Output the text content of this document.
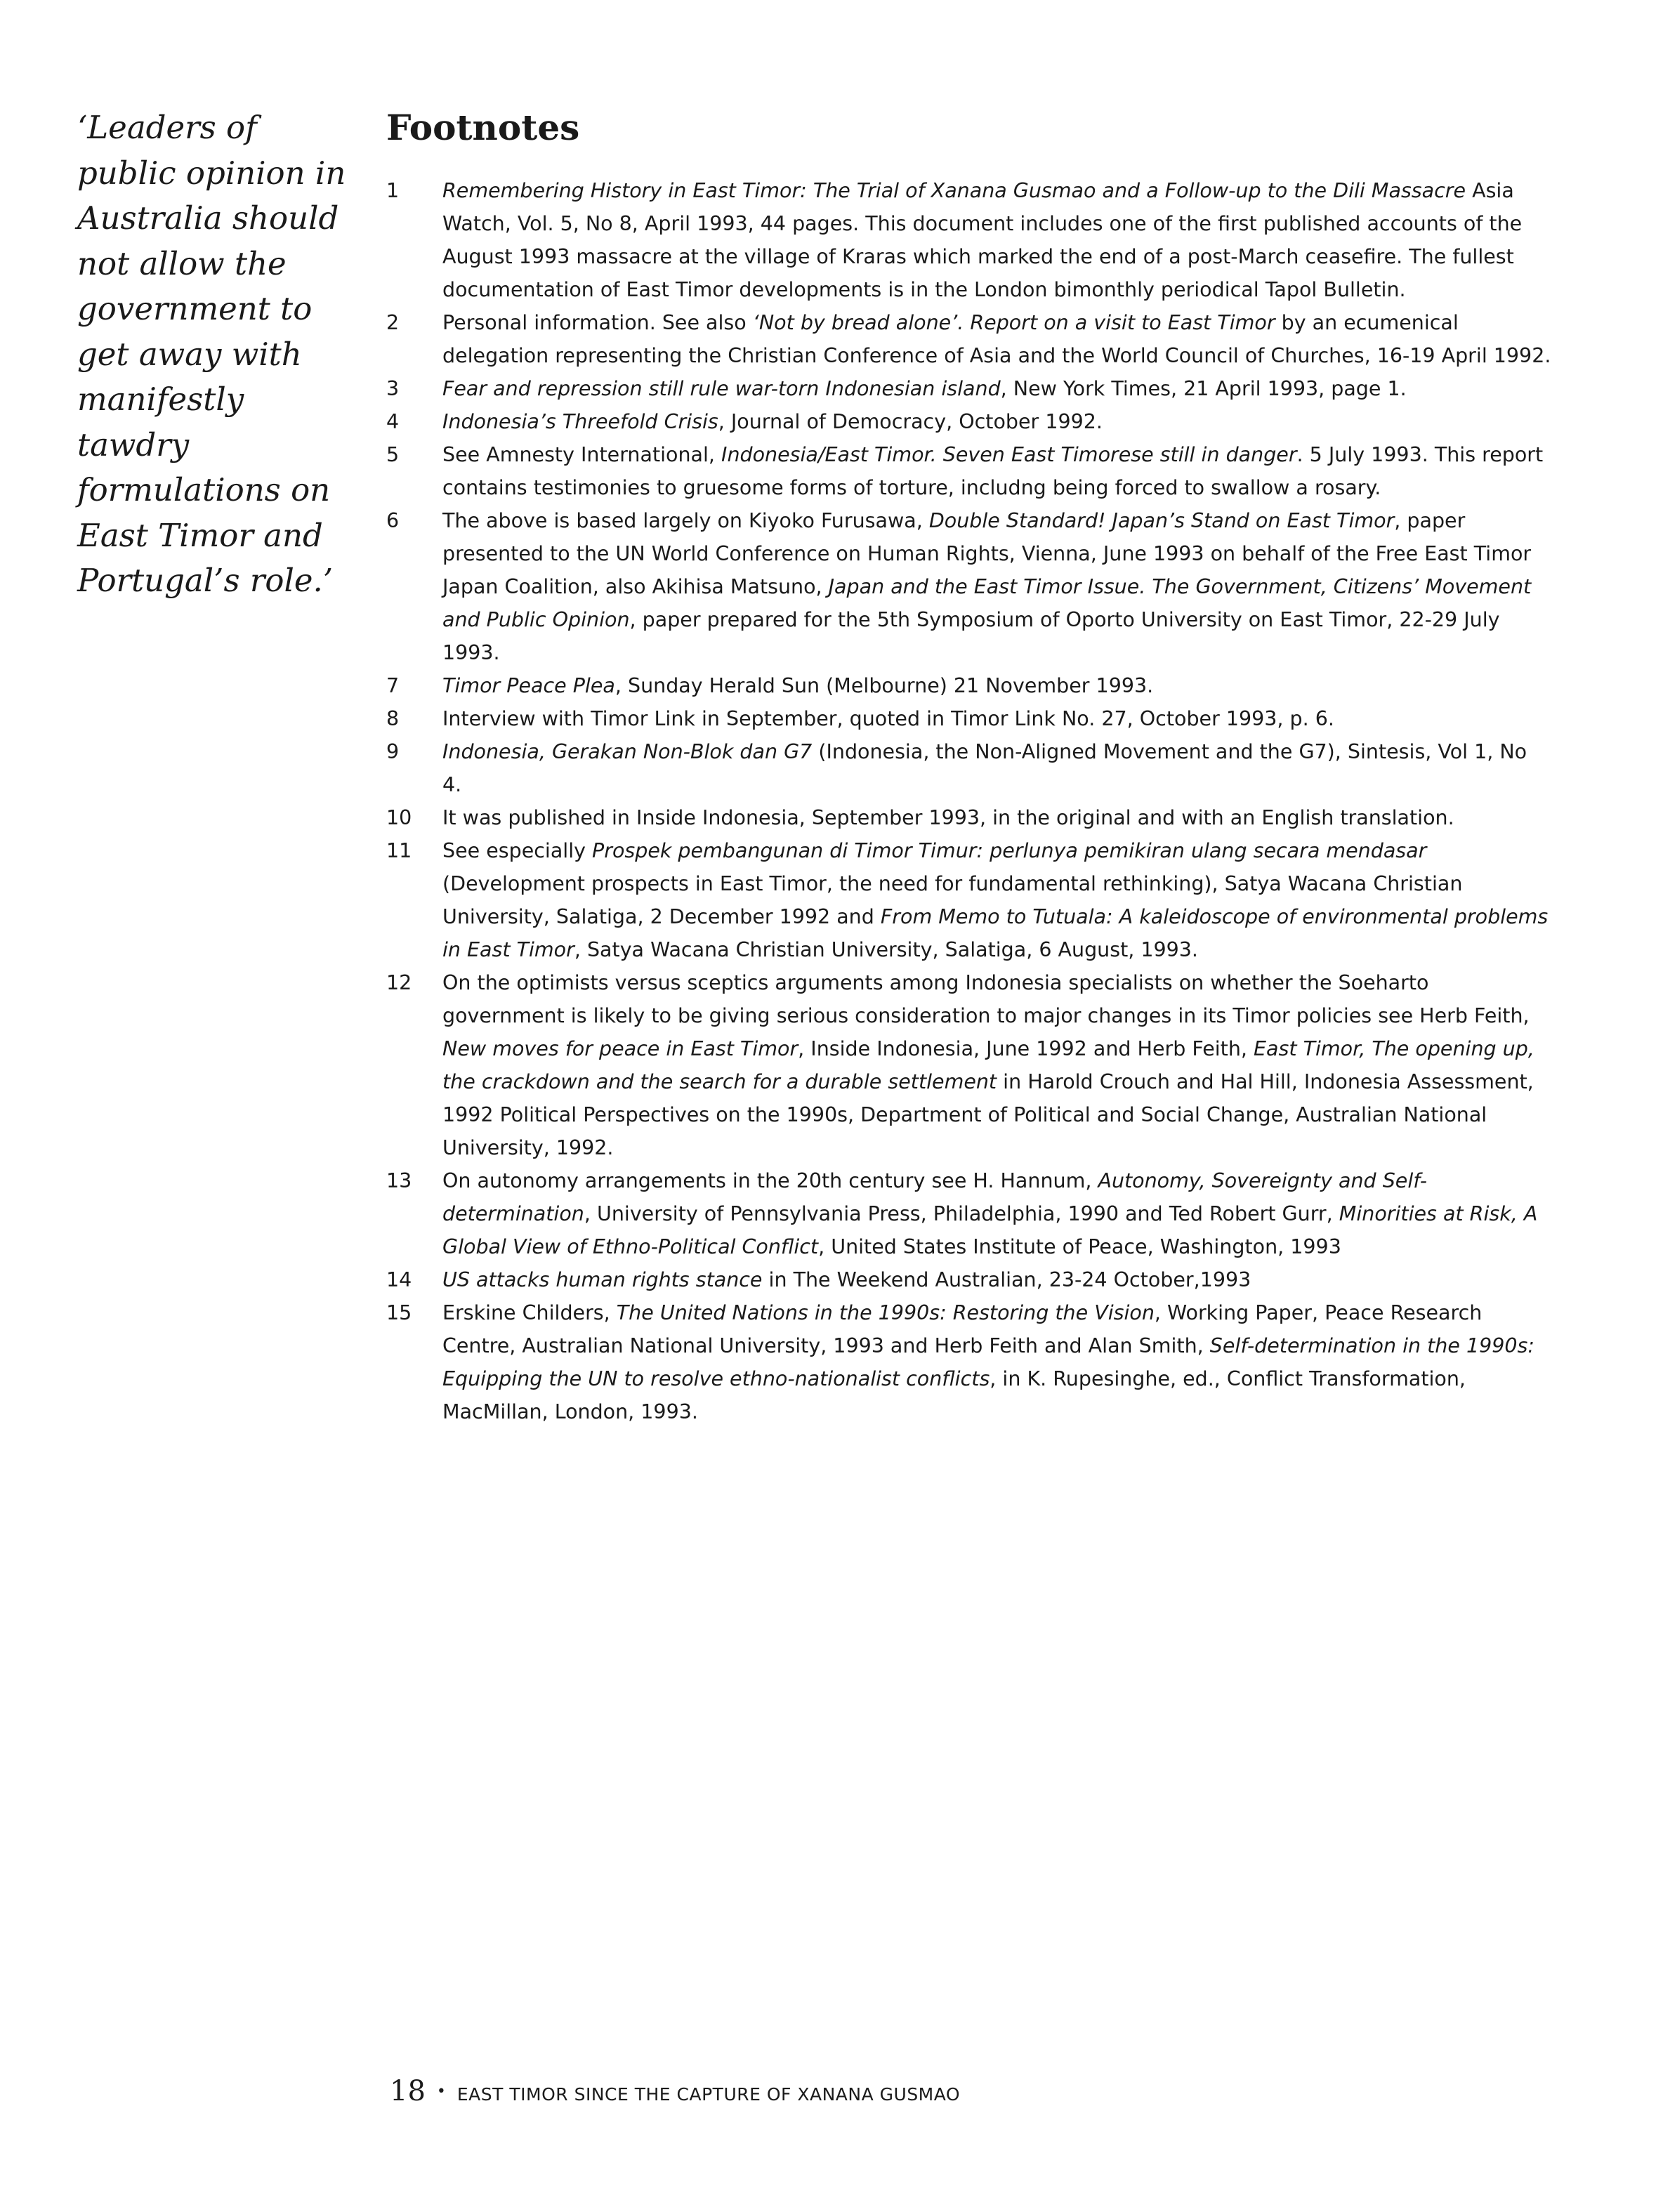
‘Leaders of public opinion in Australia should not allow the government to get away with manifestly tawdry formulations on East Timor and Portugal’s role.’
Footnotes
1	Remembering History in East Timor: The Trial of Xanana Gusmao and a Follow-up to the Dili Massacre Asia Watch, Vol. 5, No 8, April 1993, 44 pages. This document includes one of the first published accounts of the August 1993 massacre at the village of Kraras which marked the end of a post-March ceasefire. The fullest documentation of East Timor developments is in the London bimonthly periodical Tapol Bulletin.
2	Personal information. See also ‘Not by bread alone’. Report on a visit to East Timor by an ecumenical delegation representing the Christian Conference of Asia and the World Council of Churches, 16-19 April 1992.
3	Fear and repression still rule war-torn Indonesian island, New York Times, 21 April 1993, page 1.
4	Indonesia’s Threefold Crisis, Journal of Democracy, October 1992.
5	See Amnesty International, Indonesia/East Timor. Seven East Timorese still in danger. 5 July 1993. This report contains testimonies to gruesome forms of torture, includng being forced to swallow a rosary.
6	The above is based largely on Kiyoko Furusawa, Double Standard! Japan’s Stand on East Timor, paper presented to the UN World Conference on Human Rights, Vienna, June 1993 on behalf of the Free East Timor Japan Coalition, also Akihisa Matsuno, Japan and the East Timor Issue. The Government, Citizens’ Movement and Public Opinion, paper prepared for the 5th Symposium of Oporto University on East Timor, 22-29 July 1993.
7	Timor Peace Plea, Sunday Herald Sun (Melbourne) 21 November 1993.
8	Interview with Timor Link in September, quoted in Timor Link No. 27, October 1993, p. 6.
9	Indonesia, Gerakan Non-Blok dan G7 (Indonesia, the Non-Aligned Movement and the G7), Sintesis, Vol 1, No 4.
10	It was published in Inside Indonesia, September 1993, in the original and with an English translation.
11	See especially Prospek pembangunan di Timor Timur: perlunya pemikiran ulang secara mendasar (Development prospects in East Timor, the need for fundamental rethinking), Satya Wacana Christian University, Salatiga, 2 December 1992 and From Memo to Tutuala: A kaleidoscope of environmental problems in East Timor, Satya Wacana Christian University, Salatiga, 6 August, 1993.
12	On the optimists versus sceptics arguments among Indonesia specialists on whether the Soeharto government is likely to be giving serious consideration to major changes in its Timor policies see Herb Feith, New moves for peace in East Timor, Inside Indonesia, June 1992 and Herb Feith, East Timor, The opening up, the crackdown and the search for a durable settlement in Harold Crouch and Hal Hill, Indonesia Assessment, 1992 Political Perspectives on the 1990s, Department of Political and Social Change, Australian National University, 1992.
13	On autonomy arrangements in the 20th century see H. Hannum, Autonomy, Sovereignty and Self-determination, University of Pennsylvania Press, Philadelphia, 1990 and Ted Robert Gurr, Minorities at Risk, A Global View of Ethno-Political Conflict, United States Institute of Peace, Washington, 1993
14	US attacks human rights stance in The Weekend Australian, 23-24 October,1993
15	Erskine Childers, The United Nations in the 1990s: Restoring the Vision, Working Paper, Peace Research Centre, Australian National University, 1993 and Herb Feith and Alan Smith, Self-determination in the 1990s: Equipping the UN to resolve ethno-nationalist conflicts, in K. Rupesinghe, ed., Conflict Transformation, MacMillan, London, 1993.
18 • EAST TIMOR SINCE THE CAPTURE OF XANANA GUSMAO
